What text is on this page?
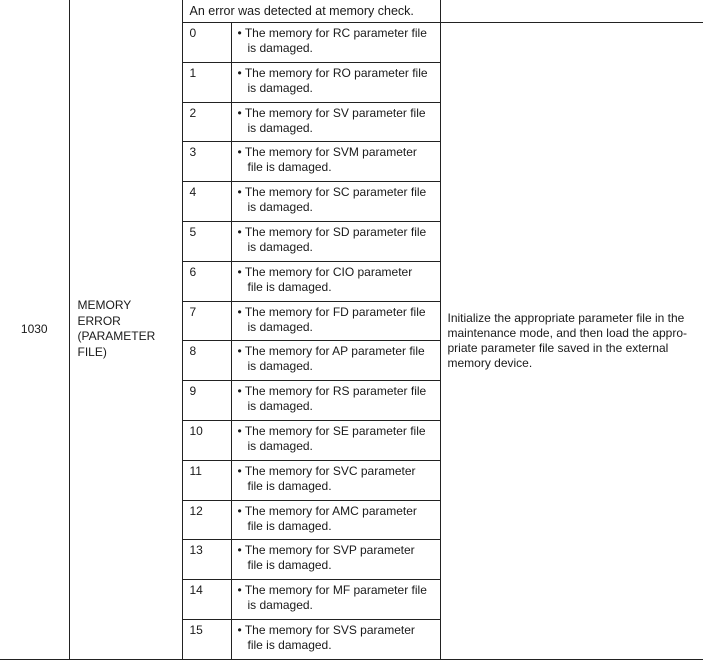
1030	MEMORY
ERROR
(PARAMETER
FILE)	An error was detected at memory check.		
		0	• The memory for RC parameter file
is damaged.	Initialize the appropriate parameter file in the
maintenance mode, and then load the appro-
priate parameter file saved in the external
memory device.

		1	• The memory for RO parameter file
is damaged.	

		2	• The memory for SV parameter file
is damaged.	

		3	• The memory for SVM parameter
file is damaged.	

		4	• The memory for SC parameter file
is damaged.	

		5	• The memory for SD parameter file
is damaged.	

		6	• The memory for CIO parameter
file is damaged.	

		7	• The memory for FD parameter file
is damaged.	

		8	• The memory for AP parameter file
is damaged.	

		9	• The memory for RS parameter file
is damaged.	

		10	• The memory for SE parameter file
is damaged.	

		11	• The memory for SVC parameter
file is damaged.	

		12	• The memory for AMC parameter
file is damaged.	

		13	• The memory for SVP parameter
file is damaged.	

		14	• The memory for MF parameter file
is damaged.	

		15	• The memory for SVS parameter
file is damaged.	
